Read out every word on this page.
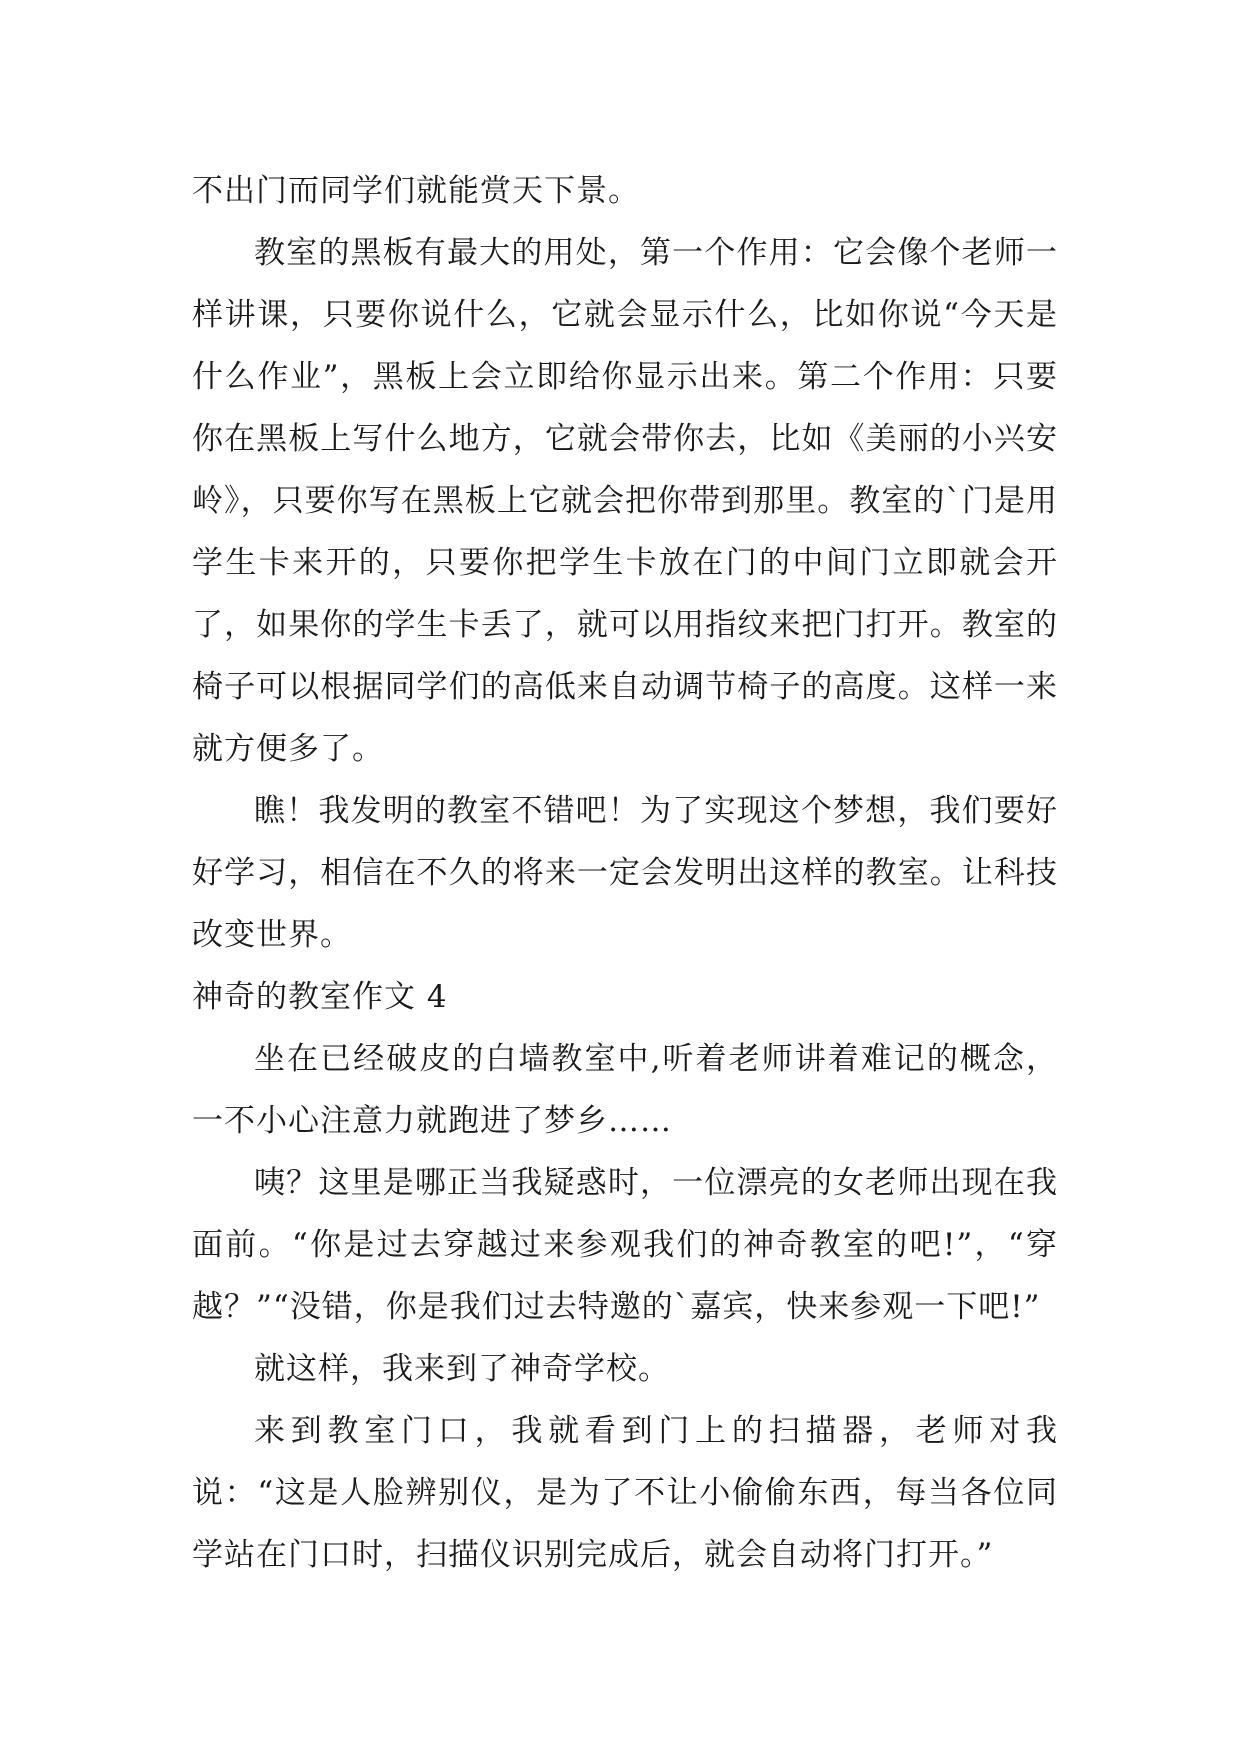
不出门而同学们就能赏天下景。

教室的黑板有最大的用处，第一个作用：它会像个老师一样讲课，只要你说什么，它就会显示什么，比如你说“今天是什么作业”，黑板上会立即给你显示出来。第二个作用：只要你在黑板上写什么地方，它就会带你去，比如《美丽的小兴安岭》，只要你写在黑板上它就会把你带到那里。教室的`门是用学生卡来开的，只要你把学生卡放在门的中间门立即就会开了，如果你的学生卡丢了，就可以用指纹来把门打开。教室的椅子可以根据同学们的高低来自动调节椅子的高度。这样一来就方便多了。

瞧！我发明的教室不错吧！为了实现这个梦想，我们要好好学习，相信在不久的将来一定会发明出这样的教室。让科技改变世界。

神奇的教室作文 4

坐在已经破皮的白墙教室中,听着老师讲着难记的概念，一不小心注意力就跑进了梦乡……

咦？这里是哪正当我疑惑时，一位漂亮的女老师出现在我面前。“你是过去穿越过来参观我们的神奇教室的吧!”，“穿越？”“没错，你是我们过去特邀的`嘉宾，快来参观一下吧!”

就这样，我来到了神奇学校。

来到教室门口，我就看到门上的扫描器，老师对我说：“这是人脸辨别仪，是为了不让小偷偷东西，每当各位同学站在门口时，扫描仪识别完成后，就会自动将门打开。”
